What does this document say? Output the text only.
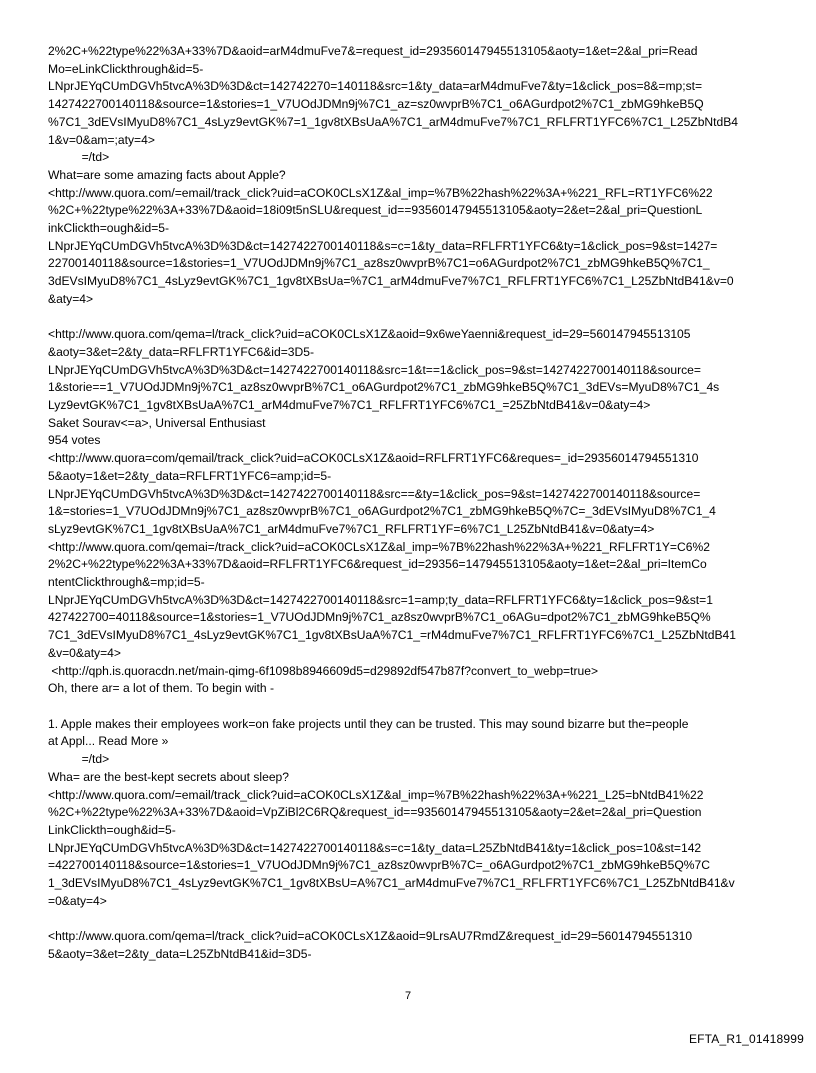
2%2C+%22type%22%3A+33%7D&aoid=arM4dmuFve7&=request_id=293560147945513105&aoty=1&et=2&al_pri=Read
Mo=eLinkClickthrough&id=5-
LNprJEYqCUmDGVh5tvcA%3D%3D&ct=142742270=140118&src=1&ty_data=arM4dmuFve7&ty=1&click_pos=8&=mp;st=
1427422700140118&source=1&stories=1_V7UOdJDMn9j%7C1_az=sz0wvprB%7C1_o6AGurdpot2%7C1_zbMG9hkeB5Q
%7C1_3dEVsIMyuD8%7C1_4sLyz9evtGK%7=1_1gv8tXBsUaA%7C1_arM4dmuFve7%7C1_RFLFRT1YFC6%7C1_L25ZbNtdB4
1&v=0&am=;aty=4>
=/td>
What=are some amazing facts about Apple?
<http://www.quora.com/=email/track_click?uid=aCOK0CLsX1Z&al_imp=%7B%22hash%22%3A+%221_RFL=RT1YFC6%22
%2C+%22type%22%3A+33%7D&aoid=18i09t5nSLU&request_id==93560147945513105&aoty=2&et=2&al_pri=QuestionL
inkClickth=ough&id=5-
LNprJEYqCUmDGVh5tvcA%3D%3D&ct=1427422700140118&s=c=1&ty_data=RFLFRT1YFC6&ty=1&click_pos=9&st=1427=
22700140118&source=1&stories=1_V7UOdJDMn9j%7C1_az8sz0wvprB%7C1=o6AGurdpot2%7C1_zbMG9hkeB5Q%7C1_
3dEVsIMyuD8%7C1_4sLyz9evtGK%7C1_1gv8tXBsUa=%7C1_arM4dmuFve7%7C1_RFLFRT1YFC6%7C1_L25ZbNtdB41&v=0
&aty=4>
<http://www.quora.com/qema=l/track_click?uid=aCOK0CLsX1Z&aoid=9x6weYaenni&request_id=29=560147945513105
&aoty=3&et=2&ty_data=RFLFRT1YFC6&id=3D5-
LNprJEYqCUmDGVh5tvcA%3D%3D&ct=1427422700140118&src=1&t==1&click_pos=9&st=1427422700140118&source=
1&storie==1_V7UOdJDMn9j%7C1_az8sz0wvprB%7C1_o6AGurdpot2%7C1_zbMG9hkeB5Q%7C1_3dEVs=MyuD8%7C1_4s
Lyz9evtGK%7C1_1gv8tXBsUaA%7C1_arM4dmuFve7%7C1_RFLFRT1YFC6%7C1_=25ZbNtdB41&v=0&aty=4>
Saket Sourav<=a>, Universal Enthusiast
954 votes
<http://www.quora=com/qemail/track_click?uid=aCOK0CLsX1Z&aoid=RFLFRT1YFC6&reques=_id=29356014794551310
5&aoty=1&et=2&ty_data=RFLFRT1YFC6=amp;id=5-
LNprJEYqCUmDGVh5tvcA%3D%3D&ct=1427422700140118&src==&ty=1&click_pos=9&st=1427422700140118&source=
1&=stories=1_V7UOdJDMn9j%7C1_az8sz0wvprB%7C1_o6AGurdpot2%7C1_zbMG9hkeB5Q%7C=_3dEVsIMyuD8%7C1_4
sLyz9evtGK%7C1_1gv8tXBsUaA%7C1_arM4dmuFve7%7C1_RFLFRT1YF=6%7C1_L25ZbNtdB41&v=0&aty=4>
<http://www.quora.com/qemai=/track_click?uid=aCOK0CLsX1Z&al_imp=%7B%22hash%22%3A+%221_RFLFRT1Y=C6%2
2%2C+%22type%22%3A+33%7D&aoid=RFLFRT1YFC6&request_id=29356=147945513105&aoty=1&et=2&al_pri=ItemCo
ntentClickthrough&=mp;id=5-
LNprJEYqCUmDGVh5tvcA%3D%3D&ct=1427422700140118&src=1=amp;ty_data=RFLFRT1YFC6&ty=1&click_pos=9&st=1
427422700=40118&source=1&stories=1_V7UOdJDMn9j%7C1_az8sz0wvprB%7C1_o6AGu=dpot2%7C1_zbMG9hkeB5Q%
7C1_3dEVsIMyuD8%7C1_4sLyz9evtGK%7C1_1gv8tXBsUaA%7C1_=rM4dmuFve7%7C1_RFLFRT1YFC6%7C1_L25ZbNtdB41
&v=0&aty=4>
<http://qph.is.quoracdn.net/main-qimg-6f1098b8946609d5=d29892df547b87f?convert_to_webp=true>
Oh, there ar= a lot of them. To begin with -
1. Apple makes their employees work=on fake projects until they can be trusted. This may sound bizarre but the=people
at Appl... Read More »
=/td>
Wha= are the best-kept secrets about sleep?
<http://www.quora.com/=email/track_click?uid=aCOK0CLsX1Z&al_imp=%7B%22hash%22%3A+%221_L25=bNtdB41%22
%2C+%22type%22%3A+33%7D&aoid=VpZiBl2C6RQ&request_id==93560147945513105&aoty=2&et=2&al_pri=Question
LinkClickth=ough&id=5-
LNprJEYqCUmDGVh5tvcA%3D%3D&ct=1427422700140118&s=c=1&ty_data=L25ZbNtdB41&ty=1&click_pos=10&st=142
=422700140118&source=1&stories=1_V7UOdJDMn9j%7C1_az8sz0wvprB%7C=_o6AGurdpot2%7C1_zbMG9hkeB5Q%7C
1_3dEVsIMyuD8%7C1_4sLyz9evtGK%7C1_1gv8tXBsU=A%7C1_arM4dmuFve7%7C1_RFLFRT1YFC6%7C1_L25ZbNtdB41&v
=0&aty=4>
<http://www.quora.com/qema=l/track_click?uid=aCOK0CLsX1Z&aoid=9LrsAU7RmdZ&request_id=29=56014794551310
5&aoty=3&et=2&ty_data=L25ZbNtdB41&id=3D5-
7
EFTA_R1_01418999
